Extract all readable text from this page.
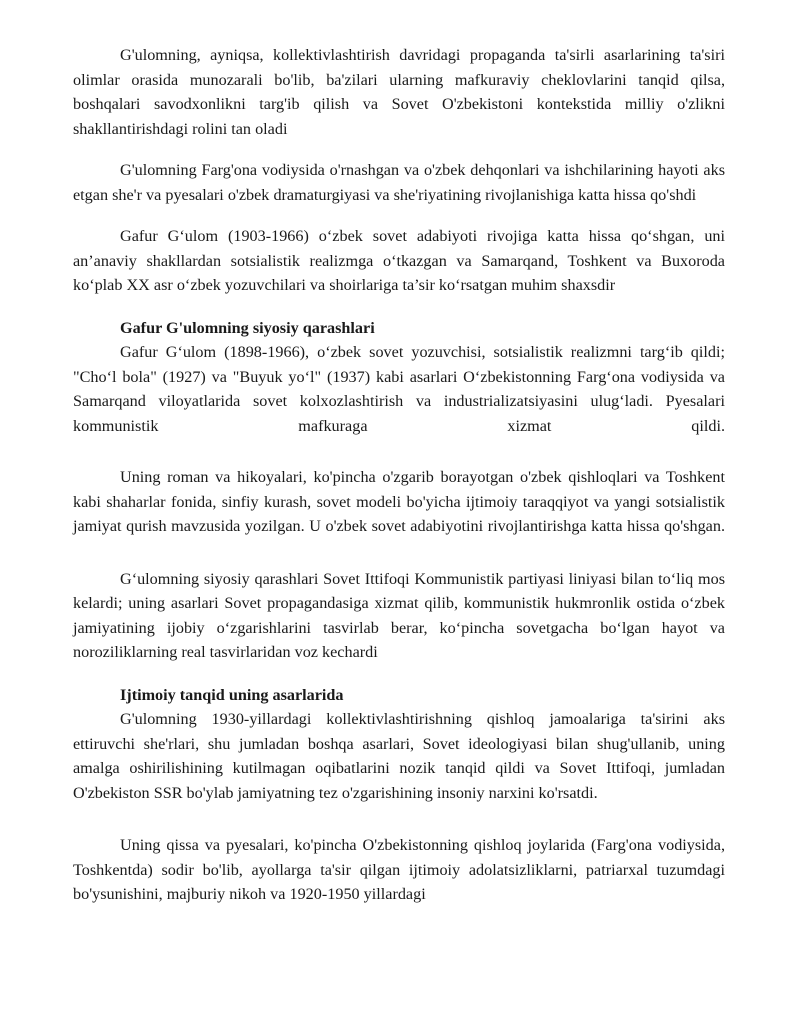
G'ulomning, ayniqsa, kollektivlashtirish davridagi propaganda ta'sirli asarlarining ta'siri olimlar orasida munozarali bo'lib, ba'zilari ularning mafkuraviy cheklovlarini tanqid qilsa, boshqalari savodxonlikni targ'ib qilish va Sovet O'zbekistoni kontekstida milliy o'zlikni shakllantirishdagi rolini tan oladi

G'ulomning Farg'ona vodiysida o'rnashgan va o'zbek dehqonlari va ishchilarining hayoti aks etgan she'r va pyesalari o'zbek dramaturgiyasi va she'riyatining rivojlanishiga katta hissa qo'shdi

Gafur G‘ulom (1903-1966) o‘zbek sovet adabiyoti rivojiga katta hissa qo‘shgan, uni an’anaviy shakllardan sotsialistik realizmga o‘tkazgan va Samarqand, Toshkent va Buxoroda ko‘plab XX asr o‘zbek yozuvchilari va shoirlariga ta’sir ko‘rsatgan muhim shaxsdir

Gafur G'ulomning siyosiy qarashlari

Gafur G‘ulom (1898-1966), o‘zbek sovet yozuvchisi, sotsialistik realizmni targ‘ib qildi; "Cho‘l bola" (1927) va "Buyuk yo‘l" (1937) kabi asarlari O‘zbekistonning Farg‘ona vodiysida va Samarqand viloyatlarida sovet kolxozlashtirish va industrializatsiyasini ulug‘ladi. Pyesalari kommunistik mafkuraga xizmat qildi.

Uning roman va hikoyalari, ko'pincha o'zgarib borayotgan o'zbek qishloqlari va Toshkent kabi shaharlar fonida, sinfiy kurash, sovet modeli bo'yicha ijtimoiy taraqqiyot va yangi sotsialistik jamiyat qurish mavzusida yozilgan. U o'zbek sovet adabiyotini rivojlantirishga katta hissa qo'shgan.

G‘ulomning siyosiy qarashlari Sovet Ittifoqi Kommunistik partiyasi liniyasi bilan to‘liq mos kelardi; uning asarlari Sovet propagandasiga xizmat qilib, kommunistik hukmronlik ostida o‘zbek jamiyatining ijobiy o‘zgarishlarini tasvirlab berar, ko‘pincha sovetgacha bo‘lgan hayot va noroziliklarning real tasvirlaridan voz kechardi

Ijtimoiy tanqid uning asarlarida

G'ulomning 1930-yillardagi kollektivlashtirishning qishloq jamoalariga ta'sirini aks ettiruvchi she'rlari, shu jumladan boshqa asarlari, Sovet ideologiyasi bilan shug'ullanib, uning amalga oshirilishining kutilmagan oqibatlarini nozik tanqid qildi va Sovet Ittifoqi, jumladan O'zbekiston SSR bo'ylab jamiyatning tez o'zgarishining insoniy narxini ko'rsatdi.

Uning qissa va pyesalari, ko'pincha O'zbekistonning qishloq joylarida (Farg'ona vodiysida, Toshkentda) sodir bo'lib, ayollarga ta'sir qilgan ijtimoiy adolatsizliklarni, patriarxal tuzumdagi bo'ysunishini, majburiy nikoh va 1920-1950 yillardagi
